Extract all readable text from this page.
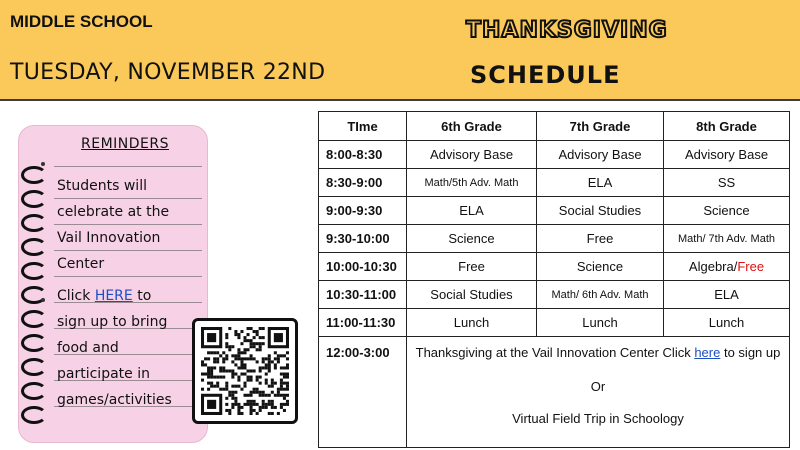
MIDDLE SCHOOL
TUESDAY, NOVEMBER 22ND
THANKSGIVING
SCHEDULE
REMINDERS
Students will
celebrate at the
Vail Innovation
Center
Click HERE to
sign up to bring
food and
participate in
games/activities
TIme	6th Grade	7th Grade	8th Grade
8:00-8:30	Advisory Base	Advisory Base	Advisory Base
8:30-9:00	Math/5th Adv. Math	ELA	SS
9:00-9:30	ELA	Social Studies	Science
9:30-10:00	Science	Free	Math/ 7th Adv. Math
10:00-10:30	Free	Science	Algebra/Free
10:30-11:00	Social Studies	Math/ 6th Adv. Math	ELA
11:00-11:30	Lunch	Lunch	Lunch
12:00-3:00	Thanksgiving at the Vail Innovation Center Click here to sign up
Or
Virtual Field Trip in Schoology		
